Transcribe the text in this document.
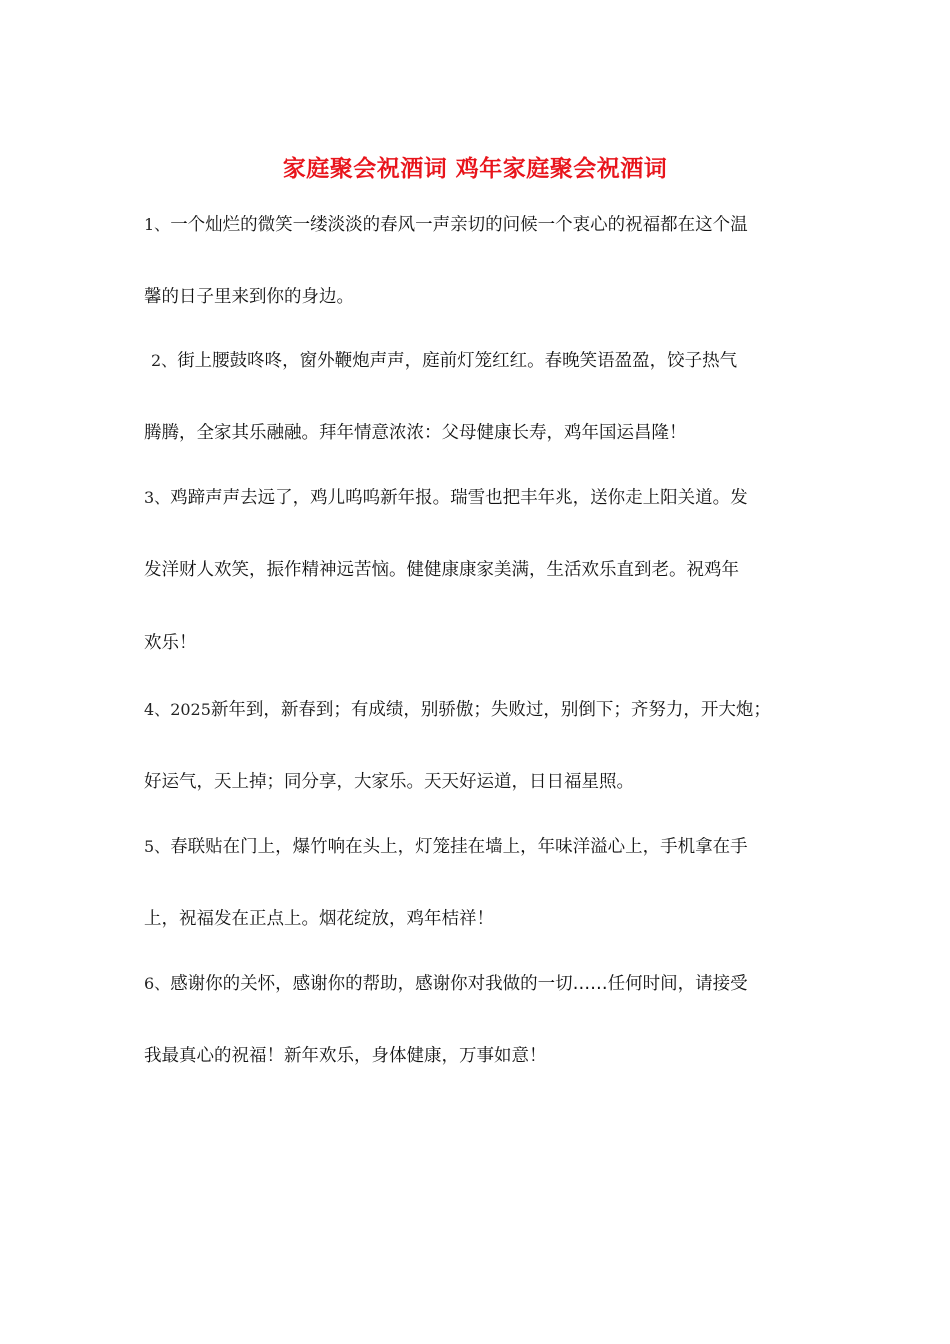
家庭聚会祝酒词 鸡年家庭聚会祝酒词
1、一个灿烂的微笑一缕淡淡的春风一声亲切的问候一个衷心的祝福都在这个温
馨的日子里来到你的身边。
2、街上腰鼓咚咚，窗外鞭炮声声，庭前灯笼红红。春晚笑语盈盈，饺子热气
腾腾，全家其乐融融。拜年情意浓浓：父母健康长寿，鸡年国运昌隆！
3、鸡蹄声声去远了，鸡儿呜呜新年报。瑞雪也把丰年兆，送你走上阳关道。发
发洋财人欢笑，振作精神远苦恼。健健康康家美满，生活欢乐直到老。祝鸡年
欢乐！
4、2025新年到，新春到；有成绩，别骄傲；失败过，别倒下；齐努力，开大炮；
好运气，天上掉；同分享，大家乐。天天好运道，日日福星照。
5、春联贴在门上，爆竹响在头上，灯笼挂在墙上，年味洋溢心上，手机拿在手
上，祝福发在正点上。烟花绽放，鸡年桔祥！
6、感谢你的关怀，感谢你的帮助，感谢你对我做的一切……任何时间，请接受
我最真心的祝福！新年欢乐，身体健康，万事如意！
